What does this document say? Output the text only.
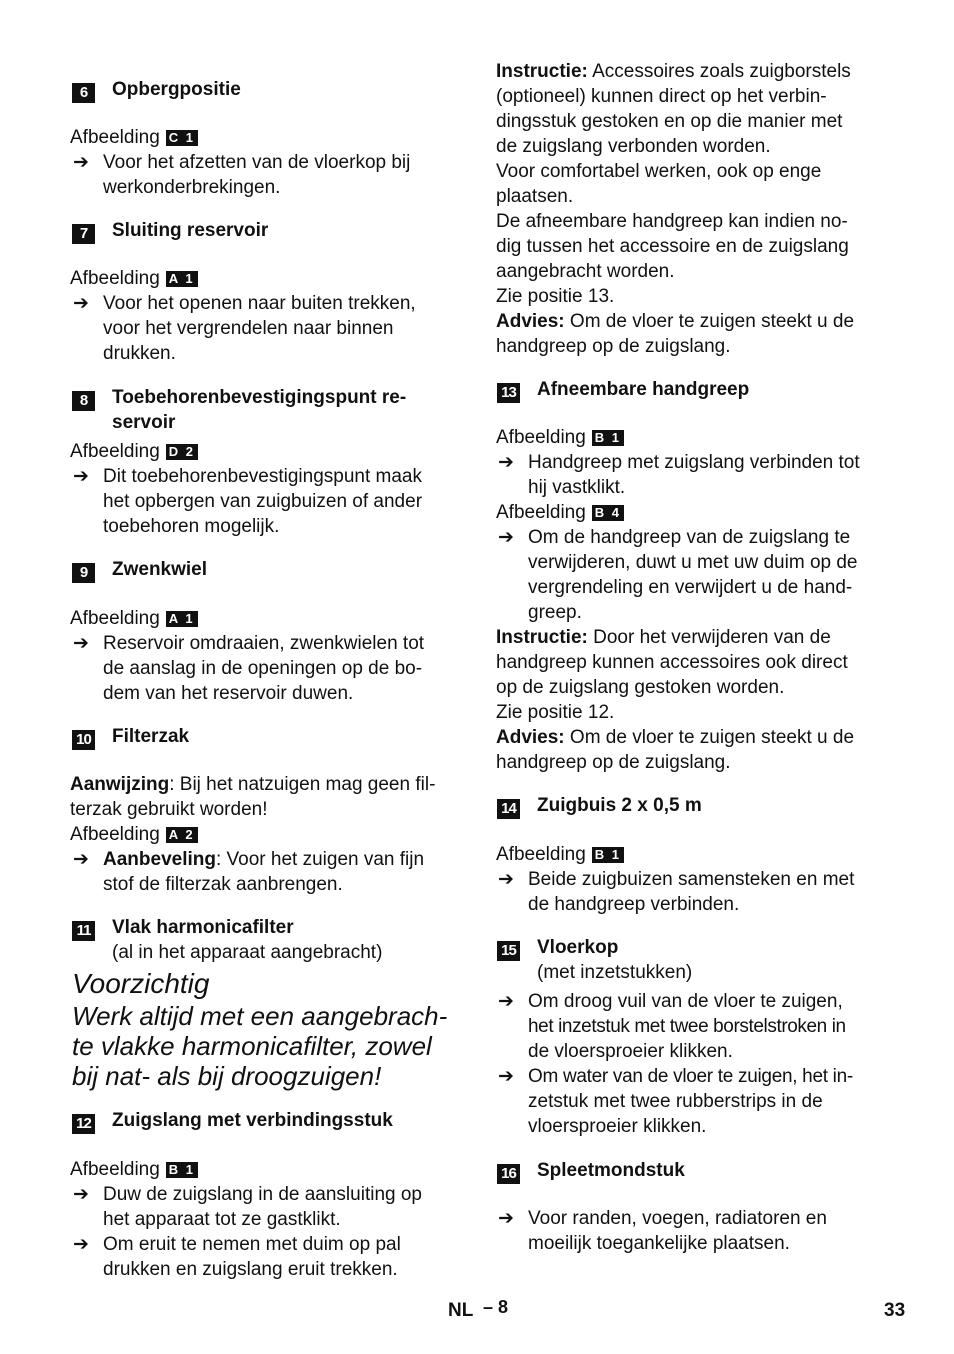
6	Opbergpositie
Afbeelding C 1
➔ Voor het afzetten van de vloerkop bij
werkonderbrekingen.
7	Sluiting reservoir
Afbeelding A 1
➔ Voor het openen naar buiten trekken,
voor het vergrendelen naar binnen
drukken.
8	Toebehorenbevestigingspunt re-
servoir
Afbeelding D 2
➔ Dit toebehorenbevestigingspunt maak
het opbergen van zuigbuizen of ander
toebehoren mogelijk.
9	Zwenkwiel
Afbeelding A 1
➔ Reservoir omdraaien, zwenkwielen tot
de aanslag in de openingen op de bo-
dem van het reservoir duwen.
10 Filterzak
Aanwijzing: Bij het natzuigen mag geen fil-
terzak gebruikt worden!
Afbeelding A 2
➔ Aanbeveling: Voor het zuigen van fijn
stof de filterzak aanbrengen.
11 Vlak harmonicafilter
(al in het apparaat aangebracht)
Voorzichtig
Werk altijd met een aangebrach-
te vlakke harmonicafilter, zowel
bij nat- als bij droogzuigen!
12 Zuigslang met verbindingsstuk
Afbeelding B 1
➔ Duw de zuigslang in de aansluiting op
het apparaat tot ze gastklikt.
➔ Om eruit te nemen met duim op pal
drukken en zuigslang eruit trekken.
Instructie: Accessoires zoals zuigborstels
(optioneel) kunnen direct op het verbin-
dingsstuk gestoken en op die manier met
de zuigslang verbonden worden.
Voor comfortabel werken, ook op enge
plaatsen.
De afneembare handgreep kan indien no-
dig tussen het accessoire en de zuigslang
aangebracht worden.
Zie positie 13.
Advies: Om de vloer te zuigen steekt u de
handgreep op de zuigslang.
13 Afneembare handgreep
Afbeelding B 1
➔ Handgreep met zuigslang verbinden tot
hij vastklikt.
Afbeelding B 4
➔ Om de handgreep van de zuigslang te
verwijderen, duwt u met uw duim op de
vergrendeling en verwijdert u de hand-
greep.
Instructie: Door het verwijderen van de
handgreep kunnen accessoires ook direct
op de zuigslang gestoken worden.
Zie positie 12.
Advies: Om de vloer te zuigen steekt u de
handgreep op de zuigslang.
14 Zuigbuis 2 x 0,5 m
Afbeelding B 1
➔ Beide zuigbuizen samensteken en met
de handgreep verbinden.
15 Vloerkop
(met inzetstukken)
➔ Om droog vuil van de vloer te zuigen,
het inzetstuk met twee borstelstroken in
de vloersproeier klikken.
➔ Om water van de vloer te zuigen, het in-
zetstuk met twee rubberstrips in de
vloersproeier klikken.
16 Spleetmondstuk
➔ Voor randen, voegen, radiatoren en
moeilijk toegankelijke plaatsen.
NL – 8	33
